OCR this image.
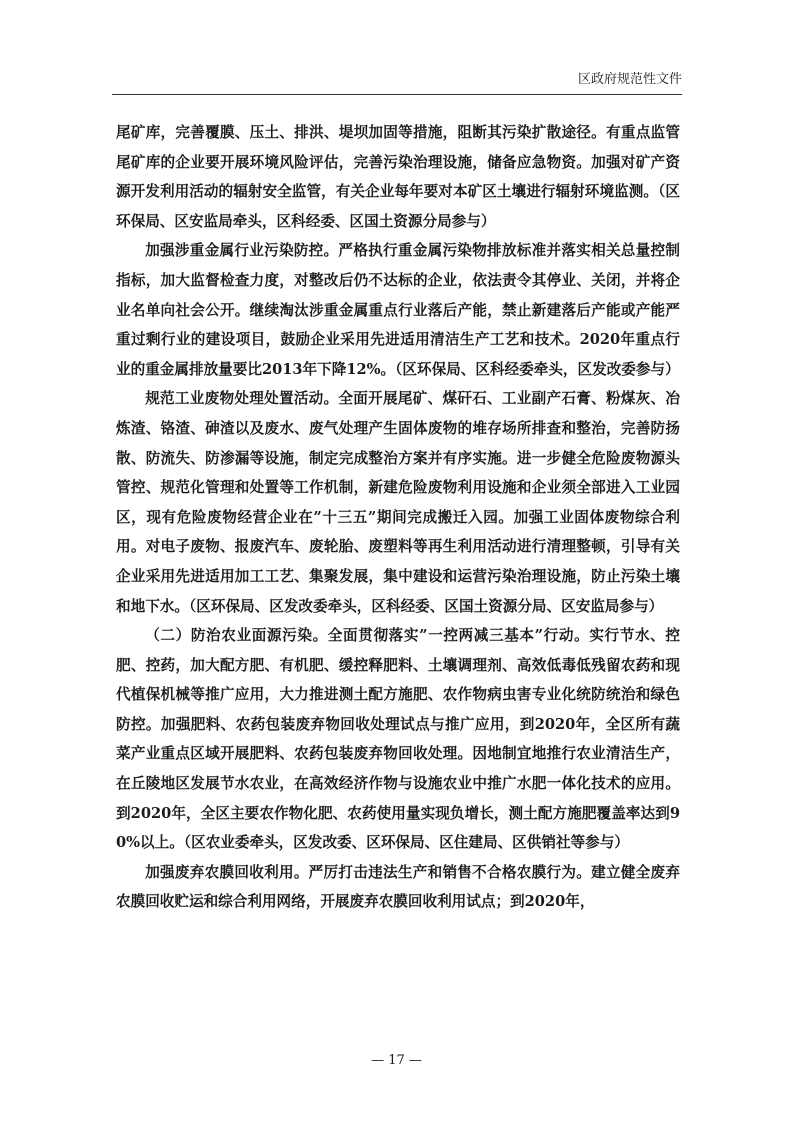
区政府规范性文件

尾矿库，完善覆膜、压土、排洪、堤坝加固等措施，阻断其污染扩散途径。有重点监管尾矿库的企业要开展环境风险评估，完善污染治理设施，储备应急物资。加强对矿产资源开发利用活动的辐射安全监管，有关企业每年要对本矿区土壤进行辐射环境监测。（区环保局、区安监局牵头，区科经委、区国土资源分局参与）

加强涉重金属行业污染防控。严格执行重金属污染物排放标准并落实相关总量控制指标，加大监督检查力度，对整改后仍不达标的企业，依法责令其停业、关闭，并将企业名单向社会公开。继续淘汰涉重金属重点行业落后产能，禁止新建落后产能或产能严重过剩行业的建设项目，鼓励企业采用先进适用清洁生产工艺和技术。2020年重点行业的重金属排放量要比2013年下降12%。（区环保局、区科经委牵头，区发改委参与）

规范工业废物处理处置活动。全面开展尾矿、煤矸石、工业副产石膏、粉煤灰、冶炼渣、铬渣、砷渣以及废水、废气处理产生固体废物的堆存场所排查和整治，完善防扬散、防流失、防渗漏等设施，制定完成整治方案并有序实施。进一步健全危险废物源头管控、规范化管理和处置等工作机制，新建危险废物利用设施和企业须全部进入工业园区，现有危险废物经营企业在”十三五”期间完成搬迁入园。加强工业固体废物综合利用。对电子废物、报废汽车、废轮胎、废塑料等再生利用活动进行清理整顿，引导有关企业采用先进适用加工工艺、集聚发展，集中建设和运营污染治理设施，防止污染土壤和地下水。（区环保局、区发改委牵头，区科经委、区国土资源分局、区安监局参与）

（二）防治农业面源污染。全面贯彻落实”一控两减三基本”行动。实行节水、控肥、控药，加大配方肥、有机肥、缓控释肥料、土壤调理剂、高效低毒低残留农药和现代植保机械等推广应用，大力推进测土配方施肥、农作物病虫害专业化统防统治和绿色防控。加强肥料、农药包装废弃物回收处理试点与推广应用，到2020年，全区所有蔬菜产业重点区域开展肥料、农药包装废弃物回收处理。因地制宜地推行农业清洁生产，在丘陵地区发展节水农业，在高效经济作物与设施农业中推广水肥一体化技术的应用。到2020年，全区主要农作物化肥、农药使用量实现负增长，测土配方施肥覆盖率达到90%以上。（区农业委牵头，区发改委、区环保局、区住建局、区供销社等参与）

加强废弃农膜回收利用。严厉打击违法生产和销售不合格农膜行为。建立健全废弃农膜回收贮运和综合利用网络，开展废弃农膜回收利用试点；到2020年，

— 17 —
